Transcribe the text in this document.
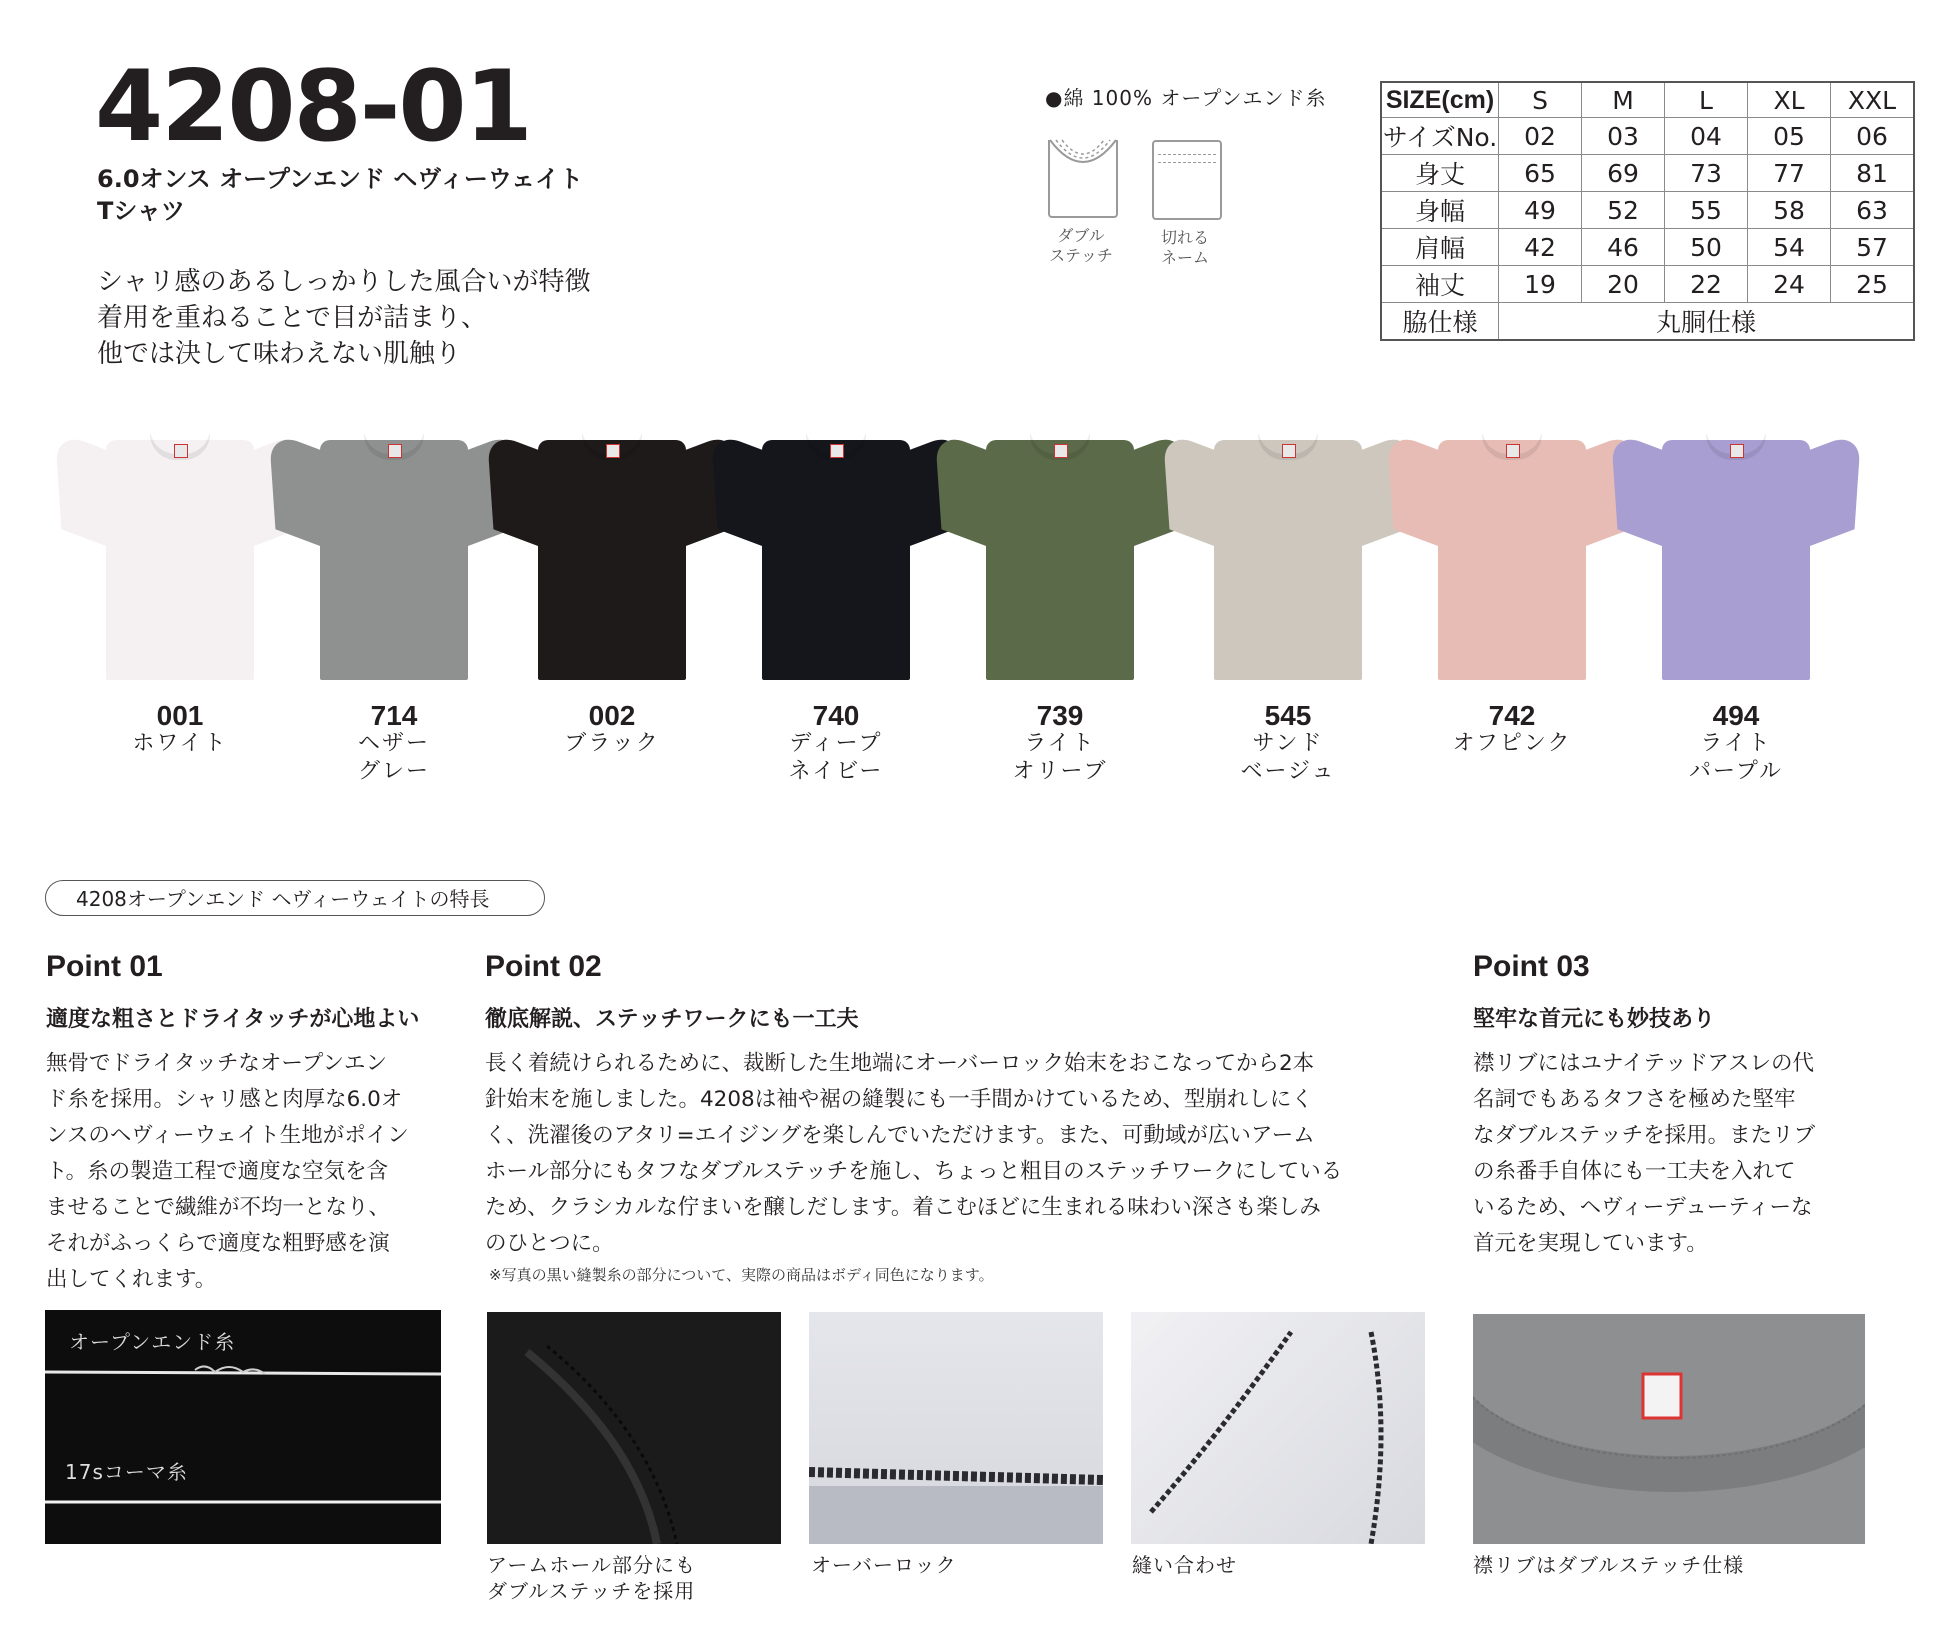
4208-01
6.0オンス オープンエンド ヘヴィーウェイト
Tシャツ
シャリ感のあるしっかりした風合いが特徴
着用を重ねることで目が詰まり、
他では決して味わえない肌触り
●綿 100% オープンエンド糸
ダブル
ステッチ
切れる
ネーム
SIZE(cm)	S	M	L	XL	XXL
サイズNo.	02	03	04	05	06
身丈	65	69	73	77	81
身幅	49	52	55	58	63
肩幅	42	46	50	54	57
袖丈	19	20	22	24	25
脇仕様	丸胴仕様				
001
ホワイト
714
ヘザー
グレー
002
ブラック
740
ディープ
ネイビー
739
ライト
オリーブ
545
サンド
ベージュ
742
オフピンク
494
ライト
パープル
4208オープンエンド ヘヴィーウェイトの特長
Point 01
適度な粗さとドライタッチが心地よい
無骨でドライタッチなオープンエン
ド糸を採用。シャリ感と肉厚な6.0オ
ンスのヘヴィーウェイト生地がポイン
ト。糸の製造工程で適度な空気を含
ませることで繊維が不均一となり、
それがふっくらで適度な粗野感を演
出してくれます。
Point 02
徹底解説、ステッチワークにも一工夫
長く着続けられるために、裁断した生地端にオーバーロック始末をおこなってから2本
針始末を施しました。4208は袖や裾の縫製にも一手間かけているため、型崩れしにく
く、洗濯後のアタリ=エイジングを楽しんでいただけます。また、可動域が広いアーム
ホール部分にもタフなダブルステッチを施し、ちょっと粗目のステッチワークにしている
ため、クラシカルな佇まいを醸しだします。着こむほどに生まれる味わい深さも楽しみ
のひとつに。
※写真の黒い縫製糸の部分について、実際の商品はボディ同色になります。
Point 03
堅牢な首元にも妙技あり
襟リブにはユナイテッドアスレの代
名詞でもあるタフさを極めた堅牢
なダブルステッチを採用。またリブ
の糸番手自体にも一工夫を入れて
いるため、ヘヴィーデューティーな
首元を実現しています。
オープンエンド糸
17sコーマ糸
アームホール部分にも
ダブルステッチを採用
オーバーロック	縫い合わせ	襟リブはダブルステッチ仕様
